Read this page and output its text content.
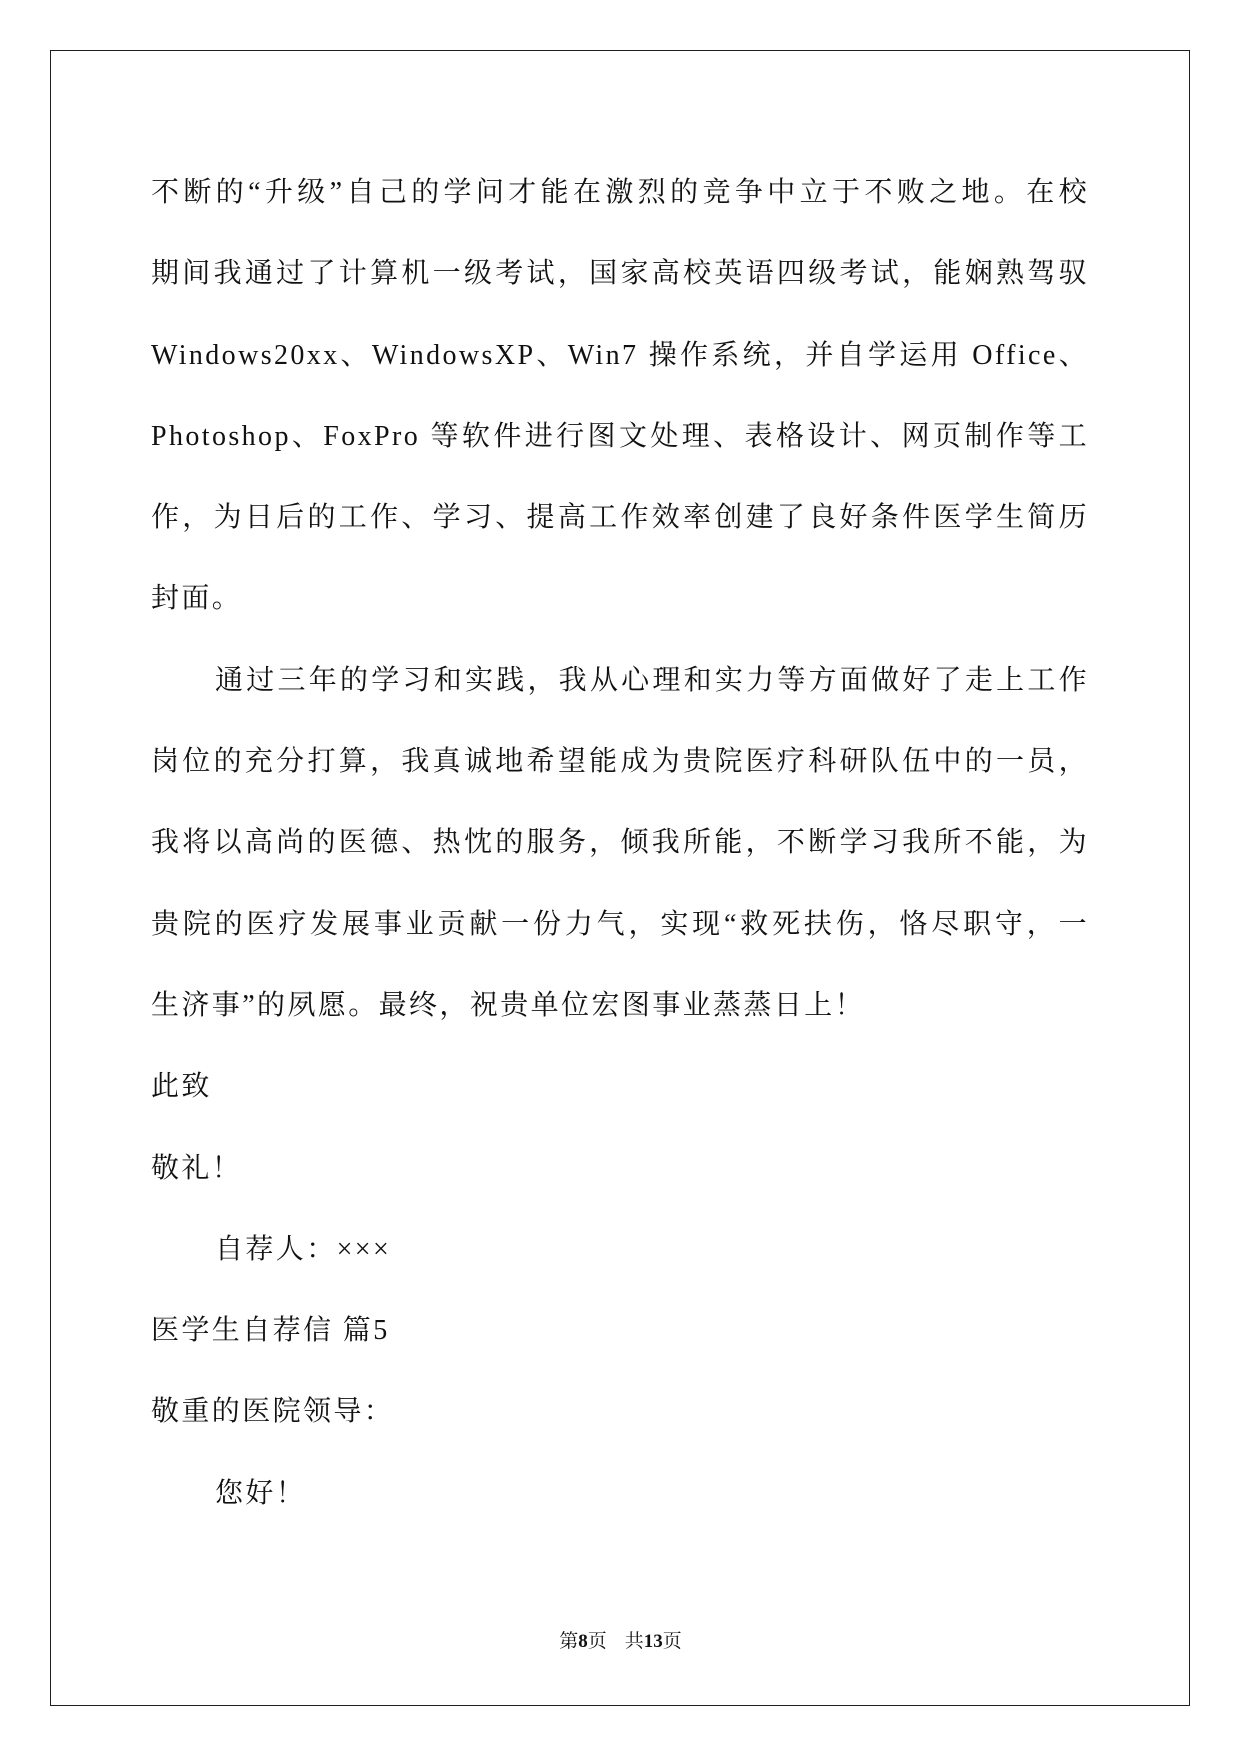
不断的“升级”自己的学问才能在激烈的竞争中立于不败之地。在校
期间我通过了计算机一级考试，国家高校英语四级考试，能娴熟驾驭
Windows20xx、WindowsXP、Win7 操作系统，并自学运用 Office、
Photoshop、FoxPro 等软件进行图文处理、表格设计、网页制作等工
作，为日后的工作、学习、提高工作效率创建了良好条件医学生简历
封面。
通过三年的学习和实践，我从心理和实力等方面做好了走上工作
岗位的充分打算，我真诚地希望能成为贵院医疗科研队伍中的一员，
我将以高尚的医德、热忱的服务，倾我所能，不断学习我所不能，为
贵院的医疗发展事业贡献一份力气，实现“救死扶伤，恪尽职守，一
生济事”的夙愿。最终，祝贵单位宏图事业蒸蒸日上！
此致
敬礼！
自荐人：×××
医学生自荐信 篇5
敬重的医院领导：
您好！
第8页 共13页
